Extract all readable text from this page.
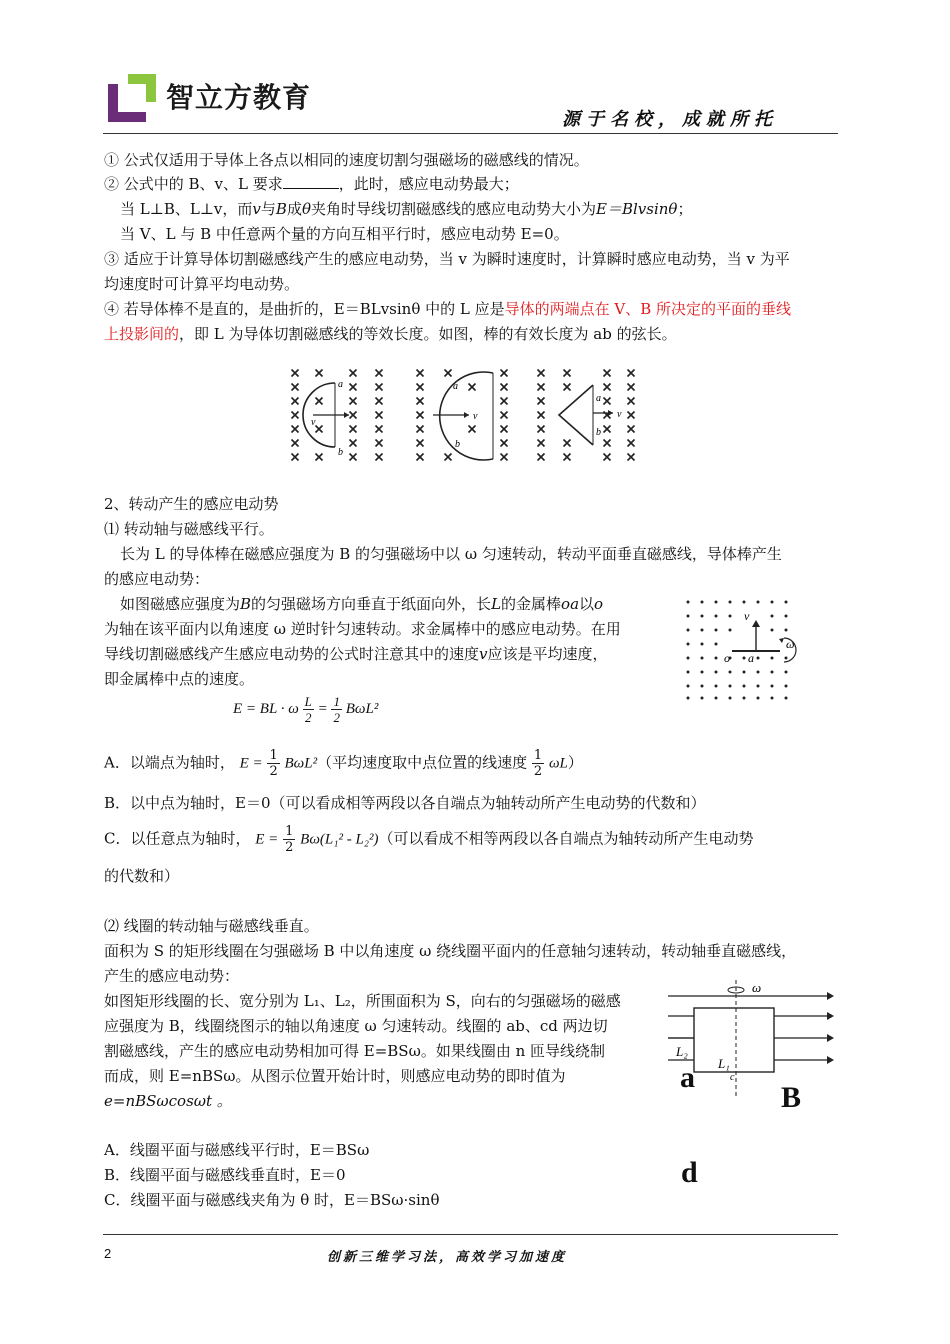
智立方教育
源于名校，成就所托
① 公式仅适用于导体上各点以相同的速度切割匀强磁场的磁感线的情况。
② 公式中的 B、v、L 要求	，此时，感应电动势最大；
当 L⊥B、L⊥v，而v与B成θ夹角时导线切割磁感线的感应电动势大小为E＝Blvsinθ；
当 V、L 与 B 中任意两个量的方向互相平行时，感应电动势 E=0。
③ 适应于计算导体切割磁感线产生的感应电动势，当 v 为瞬时速度时，计算瞬时感应电动势，当 v 为平
均速度时可计算平均电动势。
④ 若导体棒不是直的，是曲折的，E＝BLvsinθ 中的 L 应是导体的两端点在 V、B 所决定的平面的垂线
上投影间的，即 L 为导体切割磁感线的等效长度。如图，棒的有效长度为 ab 的弦长。
a
b
v
a
b
v
a
b
v
2、转动产生的感应电动势
⑴ 转动轴与磁感线平行。
长为 L 的导体棒在磁感应强度为 B 的匀强磁场中以 ω 匀速转动，转动平面垂直磁感线，导体棒产生
的感应电动势：
如图磁感应强度为B的匀强磁场方向垂直于纸面向外，长L的金属棒oa以o
为轴在该平面内以角速度 ω 逆时针匀速转动。求金属棒中的感应电动势。在用
导线切割磁感线产生感应电动势的公式时注意其中的速度v应该是平均速度，
即金属棒中点的速度。
v
o a
ω
E = BL · ω $\frac{L}{2} = \frac{1}{2} B\omega L^2$
A．以端点为轴时， $E = \frac{1}{2} B\omega L^2$（平均速度取中点位置的线速度 $\frac{1}{2} \omega L$）
B．以中点为轴时，E＝0（可以看成相等两段以各自端点为轴转动所产生电动势的代数和）
C．以任意点为轴时， $E = \frac{1}{2} B\omega(L_1^2 - L_2^2)$（可以看成不相等两段以各自端点为轴转动所产生电动势
的代数和）
⑵ 线圈的转动轴与磁感线垂直。
面积为 S 的矩形线圈在匀强磁场 B 中以角速度 ω 绕线圈平面内的任意轴匀速转动，转动轴垂直磁感线，
产生的感应电动势：
如图矩形线圈的长、宽分别为 L₁、L₂，所围面积为 S，向右的匀强磁场的磁感
应强度为 B，线圈绕图示的轴以角速度 ω 匀速转动。线圈的 ab、cd 两边切
割磁感线，产生的感应电动势相加可得 E=BSω。如果线圈由 n 匝导线绕制
而成，则 E=nBSω。从图示位置开始计时，则感应电动势的即时值为
e=nBSωcosωt 。
ω
L₂
L₁
c
a
B
d
A．线圈平面与磁感线平行时，E＝BSω
B．线圈平面与磁感线垂直时，E＝0
C．线圈平面与磁感线夹角为 θ 时，E＝BSω·sinθ
2	创新三维学习法，高效学习加速度
